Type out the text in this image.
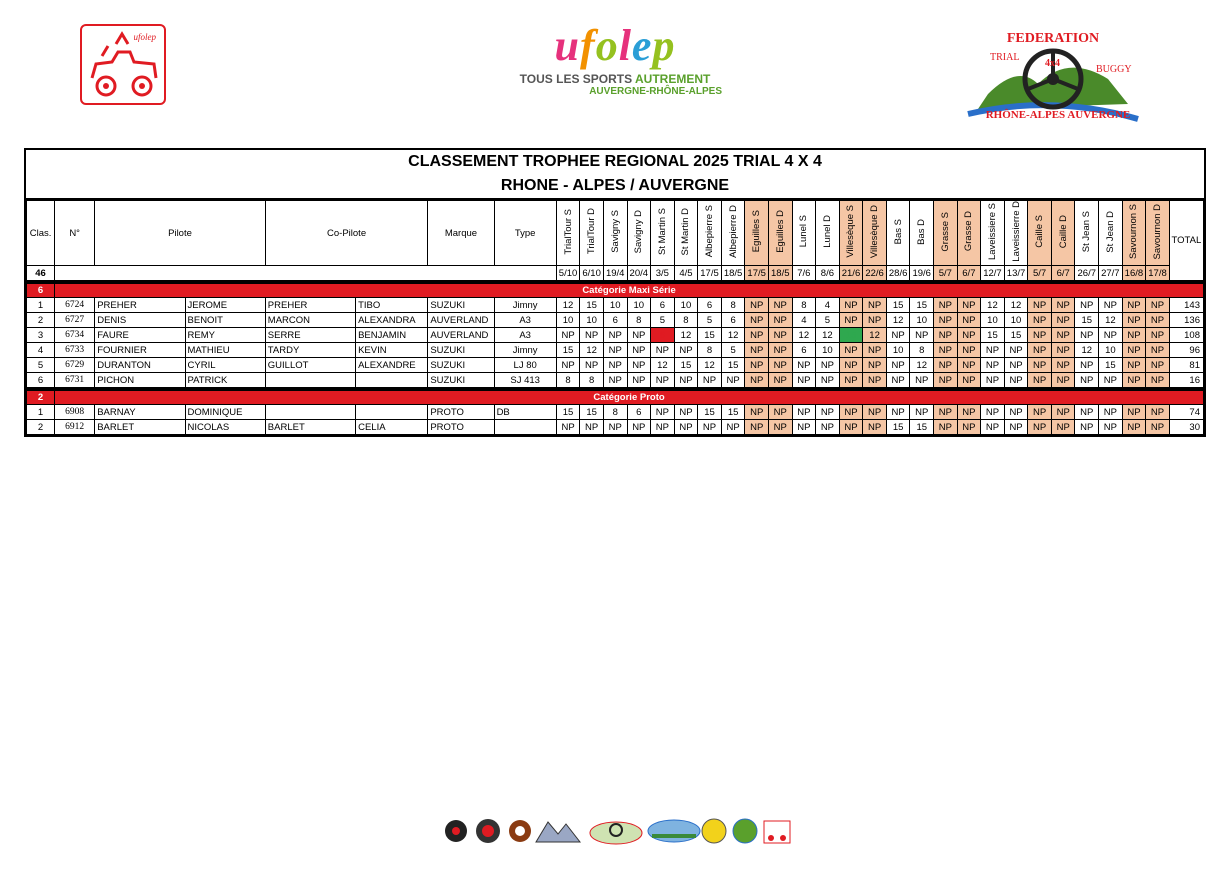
ufolep	ufolep
TOUS LES SPORTS AUTREMENT
AUVERGNE-RHÔNE-ALPES
FEDERATION
TRIAL
4x4
BUGGY
RHÔNE-ALPES AUVERGNE
CLASSEMENT TROPHEE REGIONAL 2025 TRIAL 4 X 4
RHONE - ALPES / AUVERGNE
Clas.	N°	Pilote		Co-Pilote		Marque	Type	TrialTour S	TrialTour D	Savigny S	Savigny D	St Martin S	St Martin D	Albepierre S	Albepierre D	Eguilles S	Eguilles D	Lunel S	Lunel D	Villesèque S	Villesèque D	Bas S	Bas D	Grasse S	Grasse D	Laveissiere S	Laveissierre D	Caille S	Caille D	St Jean S	St Jean D	Savournon S	Savournon D	TOTAL
46								5/10	6/10	19/4	20/4	3/5	4/5	17/5	18/5	17/5	18/5	7/6	8/6	21/6	22/6	28/6	19/6	5/7	6/7	12/7	13/7	5/7	6/7	26/7	27/7	16/8	17/8	

6	Catégorie Maxi Série																																	
1	6724	PREHER	JEROME	PREHER	TIBO	SUZUKI	Jimny	12	15	10	10	6	10	6	8	NP	NP	8	4	NP	NP	15	15	NP	NP	12	12	NP	NP	NP	NP	NP	NP	143
2	6727	DENIS	BENOIT	MARCON	ALEXANDRA	AUVERLAND	A3	10	10	6	8	5	8	5	6	NP	NP	4	5	NP	NP	12	10	NP	NP	10	10	NP	NP	15	12	NP	NP	136
3	6734	FAURE	REMY	SERRE	BENJAMIN	AUVERLAND	A3	NP	NP	NP	NP	8	12	15	12	NP	NP	12	12	15	12	NP	NP	NP	NP	15	15	NP	NP	NP	NP	NP	NP	108
4	6733	FOURNIER	MATHIEU	TARDY	KEVIN	SUZUKI	Jimny	15	12	NP	NP	NP	NP	8	5	NP	NP	6	10	NP	NP	10	8	NP	NP	NP	NP	NP	NP	12	10	NP	NP	96
5	6729	DURANTON	CYRIL	GUILLOT	ALEXANDRE	SUZUKI	LJ 80	NP	NP	NP	NP	12	15	12	15	NP	NP	NP	NP	NP	NP	NP	12	NP	NP	NP	NP	NP	NP	NP	15	NP	NP	81
6	6731	PICHON	PATRICK			SUZUKI	SJ 413	8	8	NP	NP	NP	NP	NP	NP	NP	NP	NP	NP	NP	NP	NP	NP	NP	NP	NP	NP	NP	NP	NP	NP	NP	NP	16

2	Catégorie Proto																																	
1	6908	BARNAY	DOMINIQUE			PROTO	DB	15	15	8	6	NP	NP	15	15	NP	NP	NP	NP	NP	NP	NP	NP	NP	NP	NP	NP	NP	NP	NP	NP	NP	NP	74
2	6912	BARLET	NICOLAS	BARLET	CELIA	PROTO		NP	NP	NP	NP	NP	NP	NP	NP	NP	NP	NP	NP	NP	NP	15	15	NP	NP	NP	NP	NP	NP	NP	NP	NP	NP	30
